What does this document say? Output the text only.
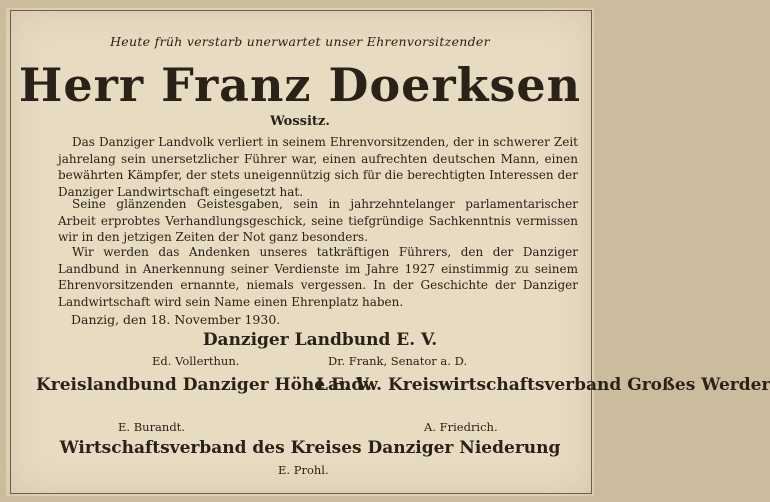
Heute früh verstarb unerwartet unser Ehrenvorsitzender
Herr Franz Doerksen
Wossitz.

Das Danziger Landvolk verliert in seinem Ehrenvorsitzenden, der in schwerer Zeit jahrelang sein unersetzlicher Führer war, einen aufrechten deutschen Mann, einen bewährten Kämpfer, der stets uneigennützig sich für die berechtigten Interessen der Danziger Landwirtschaft eingesetzt hat.

Seine glänzenden Geistesgaben, sein in jahrzehntelanger parlamentarischer Arbeit erprobtes Verhandlungsgeschick, seine tiefgründige Sachkenntnis vermissen wir in den jetzigen Zeiten der Not ganz besonders.

Wir werden das Andenken unseres tatkräftigen Führers, den der Danziger Landbund in Anerkennung seiner Verdienste im Jahre 1927 einstimmig zu seinem Ehrenvorsitzenden ernannte, niemals vergessen. In der Geschichte der Danziger Landwirtschaft wird sein Name einen Ehrenplatz haben.

Danzig, den 18. November 1930.
Danziger Landbund E. V.
Ed. Vollerthun.	Dr. Frank, Senator a. D.
Kreislandbund Danziger Höhe E. V.
E. Burandt.
Landw. Kreiswirtschaftsverband Großes Werder
A. Friedrich.
Wirtschaftsverband des Kreises Danziger Niederung
E. Prohl.
